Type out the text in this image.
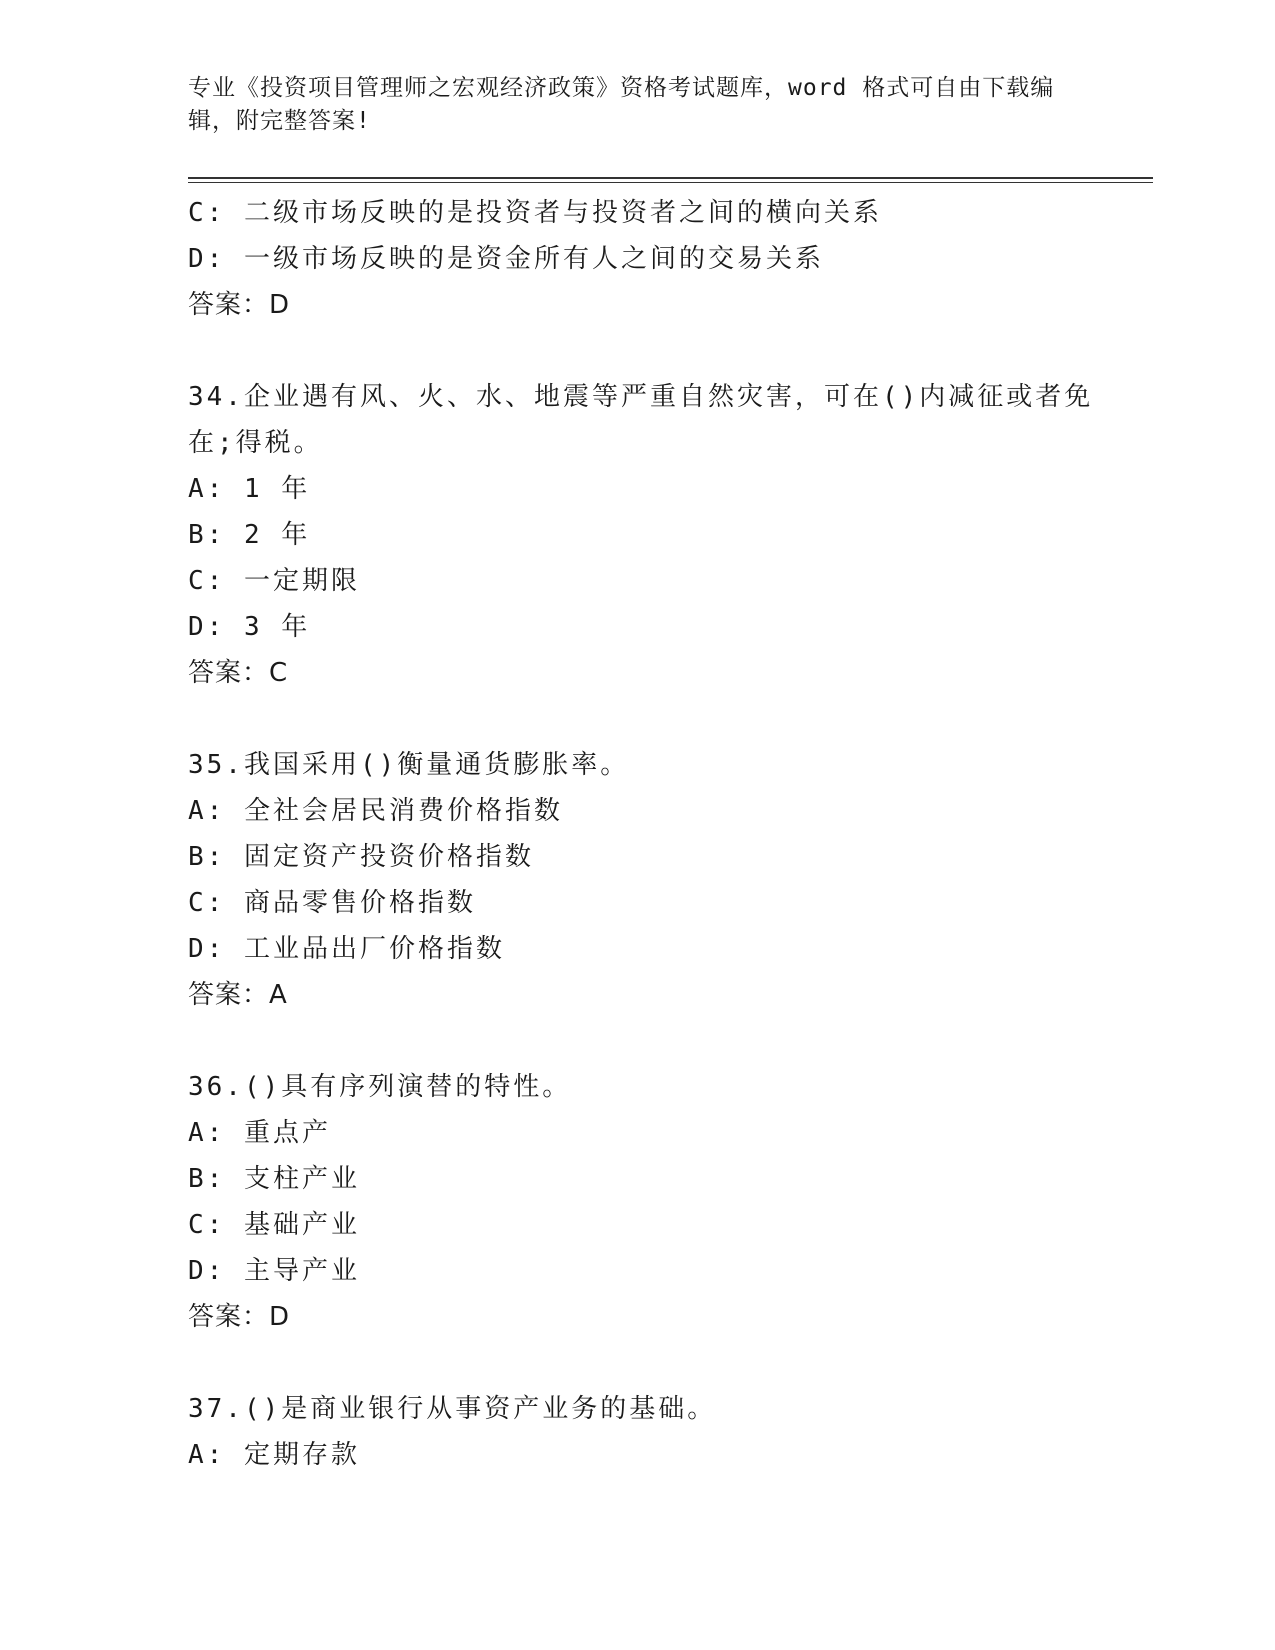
专业《投资项目管理师之宏观经济政策》资格考试题库，word 格式可自由下载编
辑，附完整答案!
C: 二级市场反映的是投资者与投资者之间的横向关系
D: 一级市场反映的是资金所有人之间的交易关系
答案：D
34.企业遇有风、火、水、地震等严重自然灾害，可在()内减征或者免
在;得税。
A: 1 年
B: 2 年
C: 一定期限
D: 3 年
答案：C
35.我国采用()衡量通货膨胀率。
A: 全社会居民消费价格指数
B: 固定资产投资价格指数
C: 商品零售价格指数
D: 工业品出厂价格指数
答案：A
36.()具有序列演替的特性。
A: 重点产
B: 支柱产业
C: 基础产业
D: 主导产业
答案：D
37.()是商业银行从事资产业务的基础。
A: 定期存款
